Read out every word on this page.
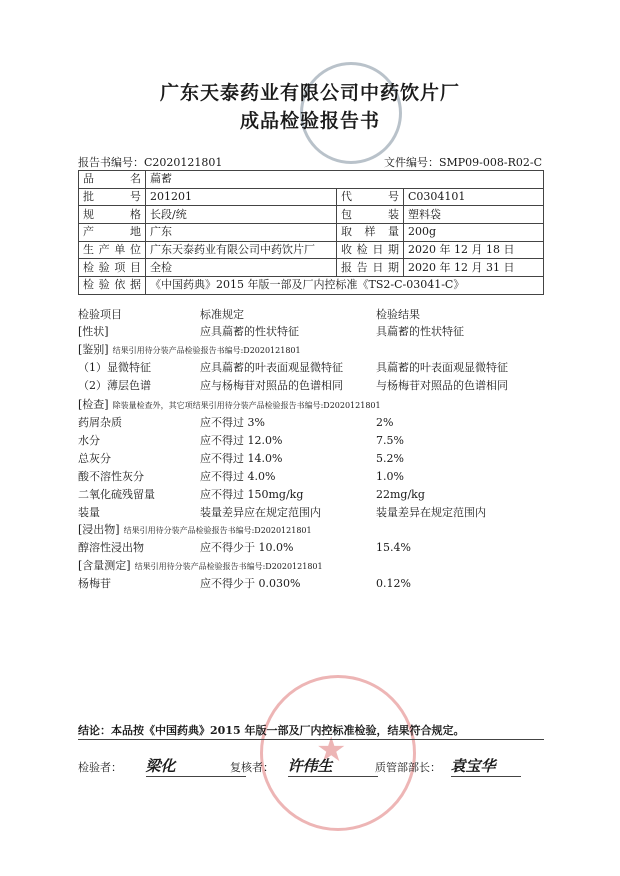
★
广东天泰药业有限公司中药饮片厂
成品检验报告书
报告书编号：C2020121801	文件编号：SMP09-008-R02-C
品名	萹蓄		
批号	201201	代号	C0304101
规格	长段/统	包装	塑料袋
产地	广东	取样量	200g
生产单位	广东天泰药业有限公司中药饮片厂	收检日期	2020 年 12 月 18 日
检验项目	全检	报告日期	2020 年 12 月 31 日
检验依据	《中国药典》2015 年版一部及厂内控标准《TS2-C-03041-C》		
检验项目	标准规定	检验结果
[性状]	应具萹蓄的性状特征	具萹蓄的性状特征
[鉴别] 结果引用待分装产品检验报告书编号:D2020121801
（1）显微特征	应具萹蓄的叶表面观显微特征	具萹蓄的叶表面观显微特征
（2）薄层色谱	应与杨梅苷对照品的色谱相同	与杨梅苷对照品的色谱相同
[检查] 除装量检查外，其它项结果引用待分装产品检验报告书编号:D2020121801
药屑杂质	应不得过 3%	2%
水分	应不得过 12.0%	7.5%
总灰分	应不得过 14.0%	5.2%
酸不溶性灰分	应不得过 4.0%	1.0%
二氧化硫残留量	应不得过 150mg/kg	22mg/kg
装量	装量差异应在规定范围内	装量差异在规定范围内
[浸出物] 结果引用待分装产品检验报告书编号:D2020121801
醇溶性浸出物	应不得少于 10.0%	15.4%
[含量测定] 结果引用待分装产品检验报告书编号:D2020121801
杨梅苷	应不得少于 0.030%	0.12%
结论：本品按《中国药典》2015 年版一部及厂内控标准检验，结果符合规定。
检验者： 梁化	复核者： 许伟生	质管部部长： 袁宝华
